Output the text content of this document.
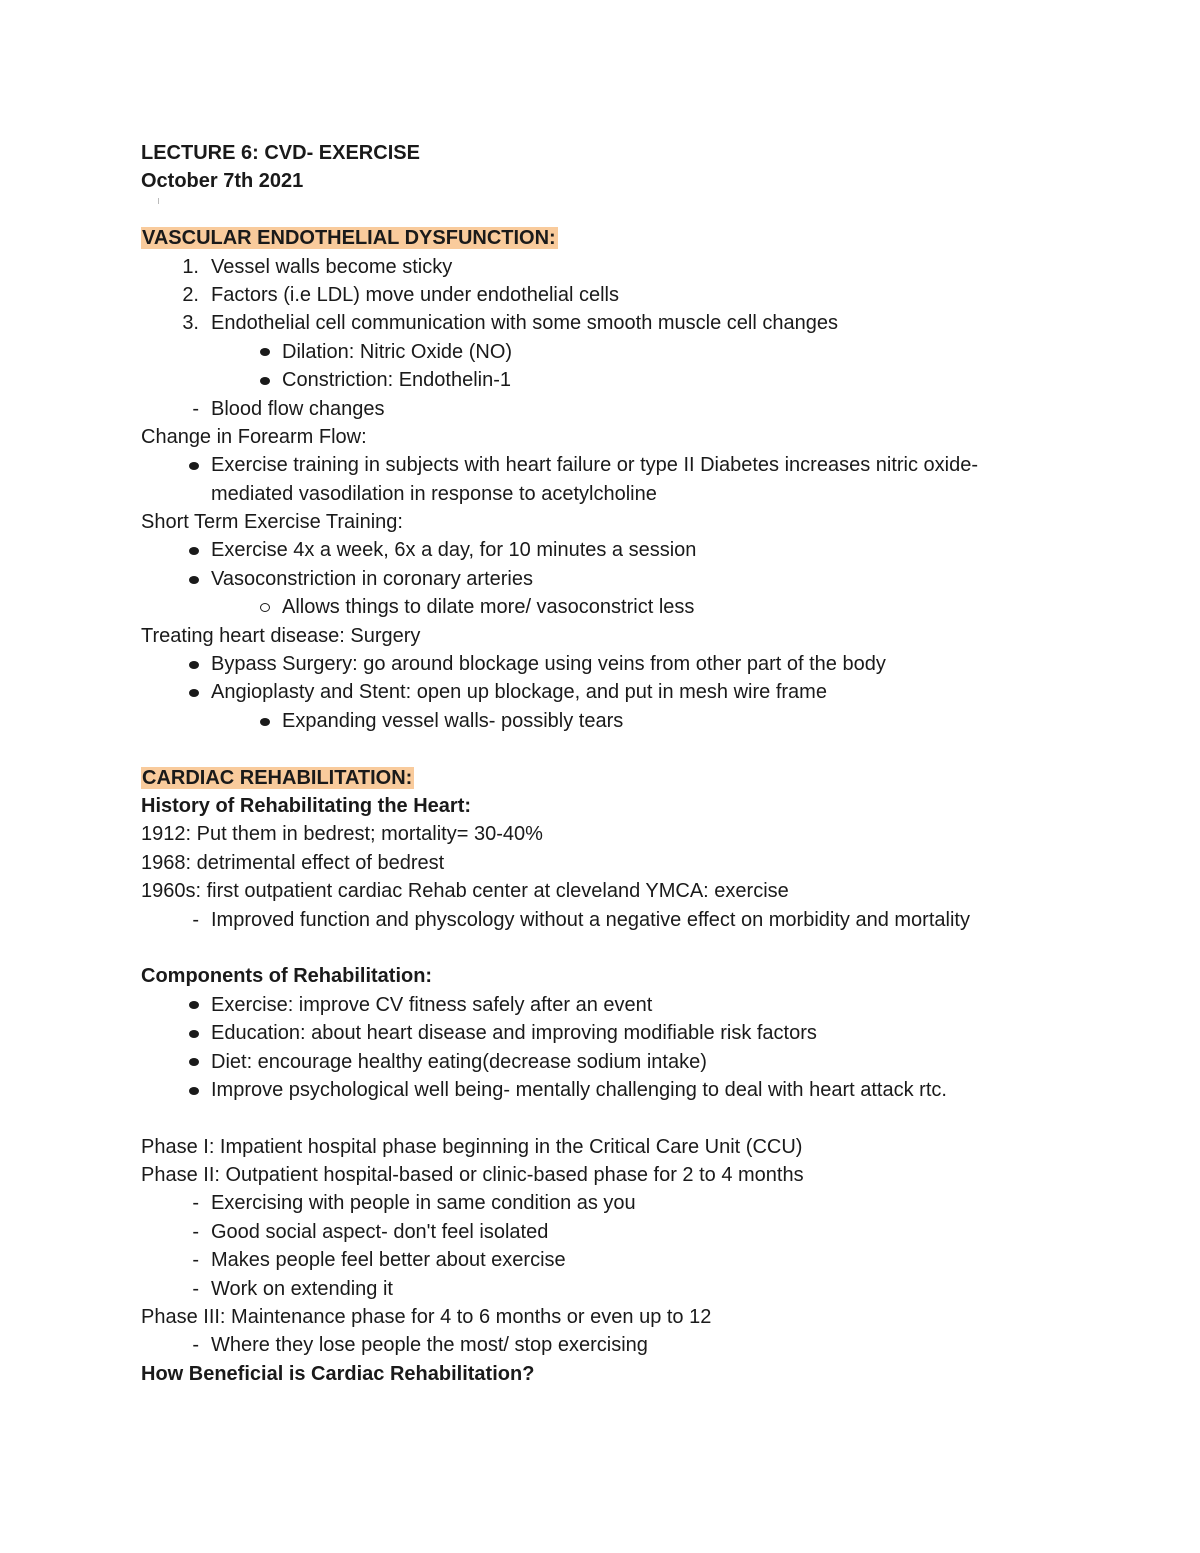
LECTURE 6: CVD- EXERCISE
October 7th 2021
VASCULAR ENDOTHELIAL DYSFUNCTION:
1. Vessel walls become sticky
2. Factors (i.e LDL) move under endothelial cells
3. Endothelial cell communication with some smooth muscle cell changes
Dilation: Nitric Oxide (NO)
Constriction: Endothelin-1
- Blood flow changes
Change in Forearm Flow:
Exercise training in subjects with heart failure or type II Diabetes increases nitric oxide-
mediated vasodilation in response to acetylcholine
Short Term Exercise Training:
Exercise 4x a week, 6x a day, for 10 minutes a session
Vasoconstriction in coronary arteries
Allows things to dilate more/ vasoconstrict less
Treating heart disease: Surgery
Bypass Surgery: go around blockage using veins from other part of the body
Angioplasty and Stent: open up blockage, and put in mesh wire frame
Expanding vessel walls- possibly tears
CARDIAC REHABILITATION:
History of Rehabilitating the Heart:
1912: Put them in bedrest; mortality= 30-40%
1968: detrimental effect of bedrest
1960s: first outpatient cardiac Rehab center at cleveland YMCA: exercise
- Improved function and physcology without a negative effect on morbidity and mortality
Components of Rehabilitation:
Exercise: improve CV fitness safely after an event
Education: about heart disease and improving modifiable risk factors
Diet: encourage healthy eating(decrease sodium intake)
Improve psychological well being- mentally challenging to deal with heart attack rtc.
Phase I: Impatient hospital phase beginning in the Critical Care Unit (CCU)
Phase II: Outpatient hospital-based or clinic-based phase for 2 to 4 months
- Exercising with people in same condition as you
- Good social aspect- don't feel isolated
- Makes people feel better about exercise
- Work on extending it
Phase III: Maintenance phase for 4 to 6 months or even up to 12
- Where they lose people the most/ stop exercising
How Beneficial is Cardiac Rehabilitation?
